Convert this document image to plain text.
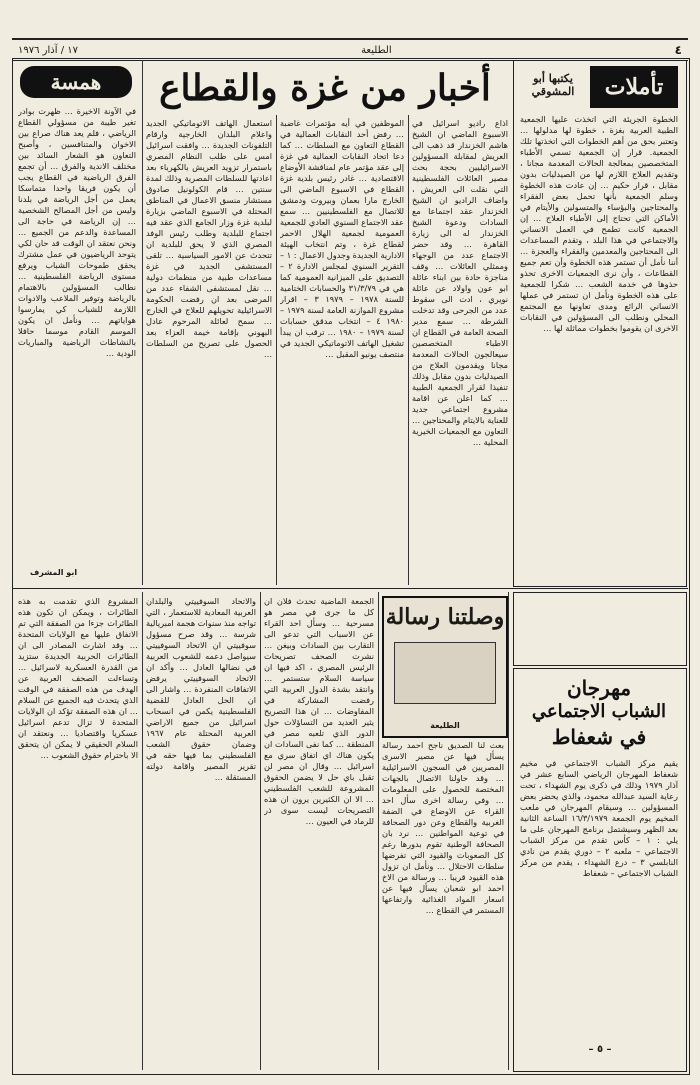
٤
الطليعة
١٧ / آذار ١٩٧٦
تأملات
يكتبها أبو المشوقي

الخطوة الجريئة التي اتخذت عليها الجمعية الطبية العربية بغزة ، خطوة لها مدلولها … وتعتبر بحق من أهم الخطوات التي اتخذتها تلك الجمعية. قرار إن الجمعية تسمي الأطباء المتخصصين بمعالجة الحالات المعدمة مجانا ، وتقديم العلاج اللازم لها من الصيدليات بدون مقابل ، قرار حكيم … إن عادت هذه الخطوة وسلم الجمعية بأنها تحمل بعض الفقراء والمحتاجين والبؤساء والمتسولين والأيتام في الأماكن التي تحتاج إلى الأطباء العلاج … إن الجمعية كانت تطمح في العمل الانساني والاجتماعي في هذا البلد ، وتقدم المساعدات الى المحتاجين والمعدمين والفقراء والعجزة … أننا نأمل أن تستمر هذه الخطوة وأن تعم جميع القطاعات ، وأن نرى الجمعيات الاخرى تحذو حذوها في خدمة الشعب … شكرا للجمعية على هذه الخطوة ونأمل ان تستمر في عملها الانساني الرائع ومدى تعاونها مع المجتمع المحلي ونطلب الى المسؤولين في النقابات الاخرى ان يقوموا بخطوات مماثلة لها …

أخبار من غزة والقطاع

اذاع راديو اسرائيل في الاسبوع الماضي ان الشيخ هاشم الخزندار قد ذهب الى العريش لمقابلة المسؤولين الاسرائيليين بحجة بحث مصير العائلات الفلسطينية التي نقلت الى العريش ، واضاف الراديو ان الشيخ الخزندار عقد اجتماعا مع السادات ودعوة الشيخ الخزندار له الى زيارة القاهرة … وقد حضر الاجتماع عدد من الوجهاء وممثلي العائلات … وقف مناجزة حادة بين ابناء عائلة ابو عون واولاد عن عائلة نويري ، ادت الى سقوط عدد من الجرحى وقد تدخلت الشرطة … سمع مدير الصحة العامة في القطاع ان الاطباء المتخصصين سيعالجون الحالات المعدمة مجانا ويقدمون العلاج من الصيدليات بدون مقابل وذلك تنفيذا لقرار الجمعية الطبية … كما اعلن عن اقامة مشروع اجتماعي جديد للعناية بالايتام والمحتاجين … التعاون مع الجمعيات الخيرية المحلية …

الموظفين في أيه مؤتمرات غاضبة … رفض أحد النقابات العمالية في القطاع التعاون مع السلطات … كما دعا اتحاد النقابات العمالية في غزة إلى عقد مؤتمر عام لمناقشة الأوضاع الاقتصادية … غادر رئيس بلدية غزة القطاع في الاسبوع الماضي الى الخارج مارا بعمان وبيروت ودمشق للاتصال مع الفلسطينيين … سمع عقد الاجتماع السنوي العادي للجمعية العمومية لجمعية الهلال الاحمر لقطاع غزة ، وتم انتخاب الهيئة الادارية الجديدة وجدول الاعمال : ١ – التقرير السنوي لمجلس الادارة ٢ – التصديق على الميزانية العمومية كما هي في ٣١/٣/٧٩ والحسابات الختامية للسنة ١٩٧٨ – ١٩٧٩ ٣ – اقرار مشروع الموازنة العامة لسنة ١٩٧٩ – ١٩٨٠ ٤ – انتخاب مدقق حسابات لسنة ١٩٧٩ – ١٩٨٠ … ترقب ان يبدأ تشغيل الهاتف الاتوماتيكي الجديد في منتصف يونيو المقبل …

استعمال الهاتف الاتوماتيكي الجديد واعلام البلدان الخارجية وارقام التلفونات الجديدة … وافقت اسرائيل امس على طلب النظام المصري باستمرار تزويد العريش بالكهرباء بعد اعادتها للسلطات المصرية وذلك لمدة سنتين … قام الكولونيل صادوق مستشار منسق الاعمال في المناطق المحتلة في الاسبوع الماضي بزيارة لبلدية غزة وزار الجامع الذي عقد فيه اجتماع للبلدية وطلب رئيس الوفد المصري الذي لا يحق للبلدية ان تتحدث عن الامور السياسية … تلقى المستشفى الجديد في غزة مساعدات طبية من منظمات دولية … نقل لمستشفى الشفاء عدد من المرضى بعد ان رفضت الحكومة الاسرائيلية تحويلهم للعلاج في الخارج … سمح لعائلة المرحوم عادل البهوني بإقامة خيمة العزاء بعد الحصول على تصريح من السلطات …

همسة

في الآونة الاخيرة … ظهرت بوادر تغير طيبة من مسؤولي القطاع الرياضي ، فلم يعد هناك صراع بين الاخوان والمتنافسين ، وأصبح التعاون هو الشعار السائد بين مختلف الاندية والفرق … أن تجمع الفرق الرياضية في القطاع يجب أن يكون فريقا واحدا متماسكا يعمل من أجل الرياضة في بلدنا وليس من أجل المصالح الشخصية … إن الرياضة في حاجة الى المساعدة والدعم من الجميع … ونحن نعتقد ان الوقت قد حان لكي يتوحد الرياضيون في عمل مشترك يحقق طموحات الشباب ويرفع مستوى الرياضة الفلسطينية … نطالب المسؤولين بالاهتمام بالرياضة وتوفير الملاعب والادوات اللازمة للشباب كي يمارسوا هواياتهم … ونأمل ان يكون الموسم القادم موسما حافلا بالنشاطات الرياضية والمباريات الودية …

ابو المشرف
وصلتنا رسالة
الطليعة

بعث لنا الصديق ناجح احمد رسالة يسأل فيها عن مصير الاسرى المصريين في السجون الاسرائيلية … وقد حاولنا الاتصال بالجهات المختصة للحصول على المعلومات … وفي رسالة اخرى سأل احد القراء عن الاوضاع في الضفة الغربية والقطاع وعن دور الصحافة في توعية المواطنين … نرد بان الصحافة الوطنية تقوم بدورها رغم كل الصعوبات والقيود التي تفرضها سلطات الاحتلال … ونأمل ان تزول هذه القيود قريبا … ورسالة من الاخ احمد ابو شعبان يسأل فيها عن اسعار المواد الغذائية وارتفاعها المستمر في القطاع …

الجمعة الماضية تحدث فلان ان كل ما جرى في مصر هو مسرحية … وسأل احد القراء عن الاسباب التي تدعو الى التقارب بين السادات وبيغن … نشرت الصحف تصريحات الرئيس المصري ، اكد فيها ان سياسة السلام ستستمر … وانتقد بشدة الدول العربية التي رفضت المشاركة في المفاوضات … ان هذا التصريح يثير العديد من التساؤلات حول الدور الذي تلعبه مصر في المنطقة … كما نفى السادات ان يكون هناك اي اتفاق سري مع اسرائيل … وقال ان مصر لن تقبل باي حل لا يضمن الحقوق المشروعة للشعب الفلسطيني … الا ان الكثيرين يرون ان هذه التصريحات ليست سوى ذر للرماد في العيون …

والاتحاد السوفييتي والبلدان العربية المعادية للاستعمار ، التي تواجه منذ سنوات هجمة امبريالية شرسة … وقد صرح مسؤول سوفييتي ان الاتحاد السوفييتي سيواصل دعمه للشعوب العربية في نضالها العادل … وأكد ان الاتحاد السوفييتي يرفض الاتفاقات المنفردة … واشار الى ان الحل العادل للقضية الفلسطينية يكمن في انسحاب اسرائيل من جميع الاراضي العربية المحتلة عام ١٩٦٧ وضمان حقوق الشعب الفلسطيني بما فيها حقه في تقرير المصير واقامة دولته المستقلة …

المشروع الذي تقدمت به هذه الطائرات ، ويمكن ان تكون هذه الطائرات جزءا من الصفقة التي تم الاتفاق عليها مع الولايات المتحدة … وقد اشارت المصادر الى ان الطائرات الحربية الجديدة ستزيد من القدرة العسكرية لاسرائيل … وتساءلت الصحف العربية عن الهدف من هذه الصفقة في الوقت الذي يتحدث فيه الجميع عن السلام … ان هذه الصفقة تؤكد ان الولايات المتحدة لا تزال تدعم اسرائيل عسكريا واقتصاديا … ونعتقد ان السلام الحقيقي لا يمكن ان يتحقق الا باحترام حقوق الشعوب …

مهرجان
الشباب الاجتماعي
في شعفاط

يقيم مركز الشباب الاجتماعي في مخيم شعفاط المهرجان الرياضي السابع عشر في آذار ١٩٧٩ وذلك في ذكرى يوم الشهداء ، تحت رعاية السيد عبدالله محمود، والذي يحضر بعض المسؤولين … وسيقام المهرجان في ملعب المخيم يوم الجمعة ١٦/٣/١٩٧٩ الساعة الثانية بعد الظهر وسيشتمل برنامج المهرجان على ما يلي : ١ – كأس تقدم من مركز الشباب الاجتماعي – ملعبه ٢ – دوري يقدم من نادي النابلسي ٣ – درع الشهداء ، يقدم من مركز الشباب الاجتماعي – شعفاط

– ٥ –
